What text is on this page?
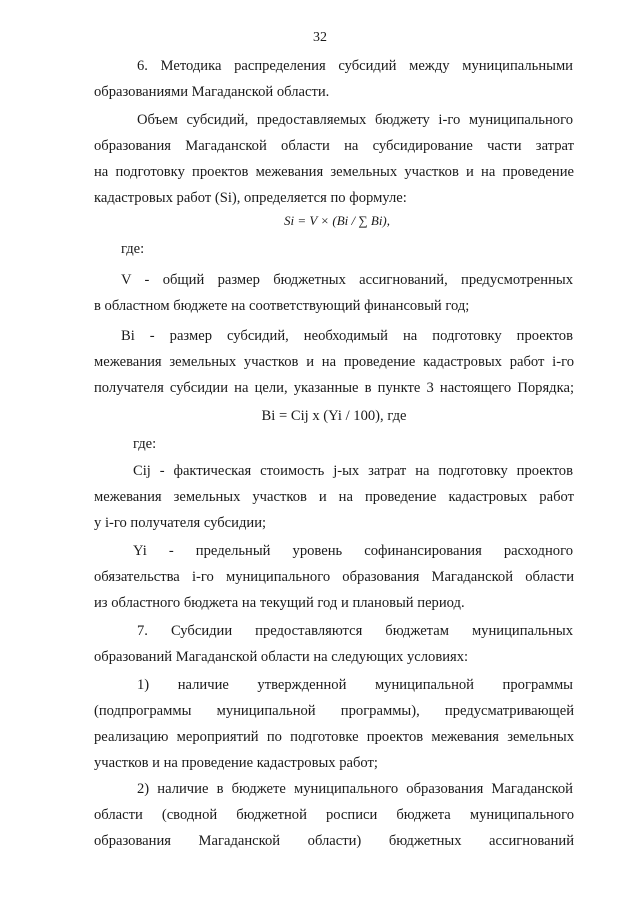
32
6. Методика распределения субсидий между муниципальными
образованиями Магаданской области.
Объем субсидий, предоставляемых бюджету i-го муниципального
образования Магаданской области на субсидирование части затрат
на подготовку проектов межевания земельных участков и на проведение
кадастровых работ (Si), определяется по формуле:
где:
V - общий размер бюджетных ассигнований, предусмотренных
в областном бюджете на соответствующий финансовый год;
Bi - размер субсидий, необходимый на подготовку проектов
межевания земельных участков и на проведение кадастровых работ i-го
получателя субсидии на цели, указанные в пункте 3 настоящего Порядка;
где:
Cij - фактическая стоимость j-ых затрат на подготовку проектов
межевания земельных участков и на проведение кадастровых работ
у i-го получателя субсидии;
Yi - предельный уровень софинансирования расходного
обязательства i-го муниципального образования Магаданской области
из областного бюджета на текущий год и плановый период.
7. Субсидии предоставляются бюджетам муниципальных
образований Магаданской области на следующих условиях:
1) наличие утвержденной муниципальной программы
(подпрограммы муниципальной программы), предусматривающей
реализацию мероприятий по подготовке проектов межевания земельных
участков и на проведение кадастровых работ;
2) наличие в бюджете муниципального образования Магаданской
области (сводной бюджетной росписи бюджета муниципального
образования Магаданской области) бюджетных ассигнований
Si = V × (Bi / ∑ Bi),
Bi = Cij x (Yi / 100), где
